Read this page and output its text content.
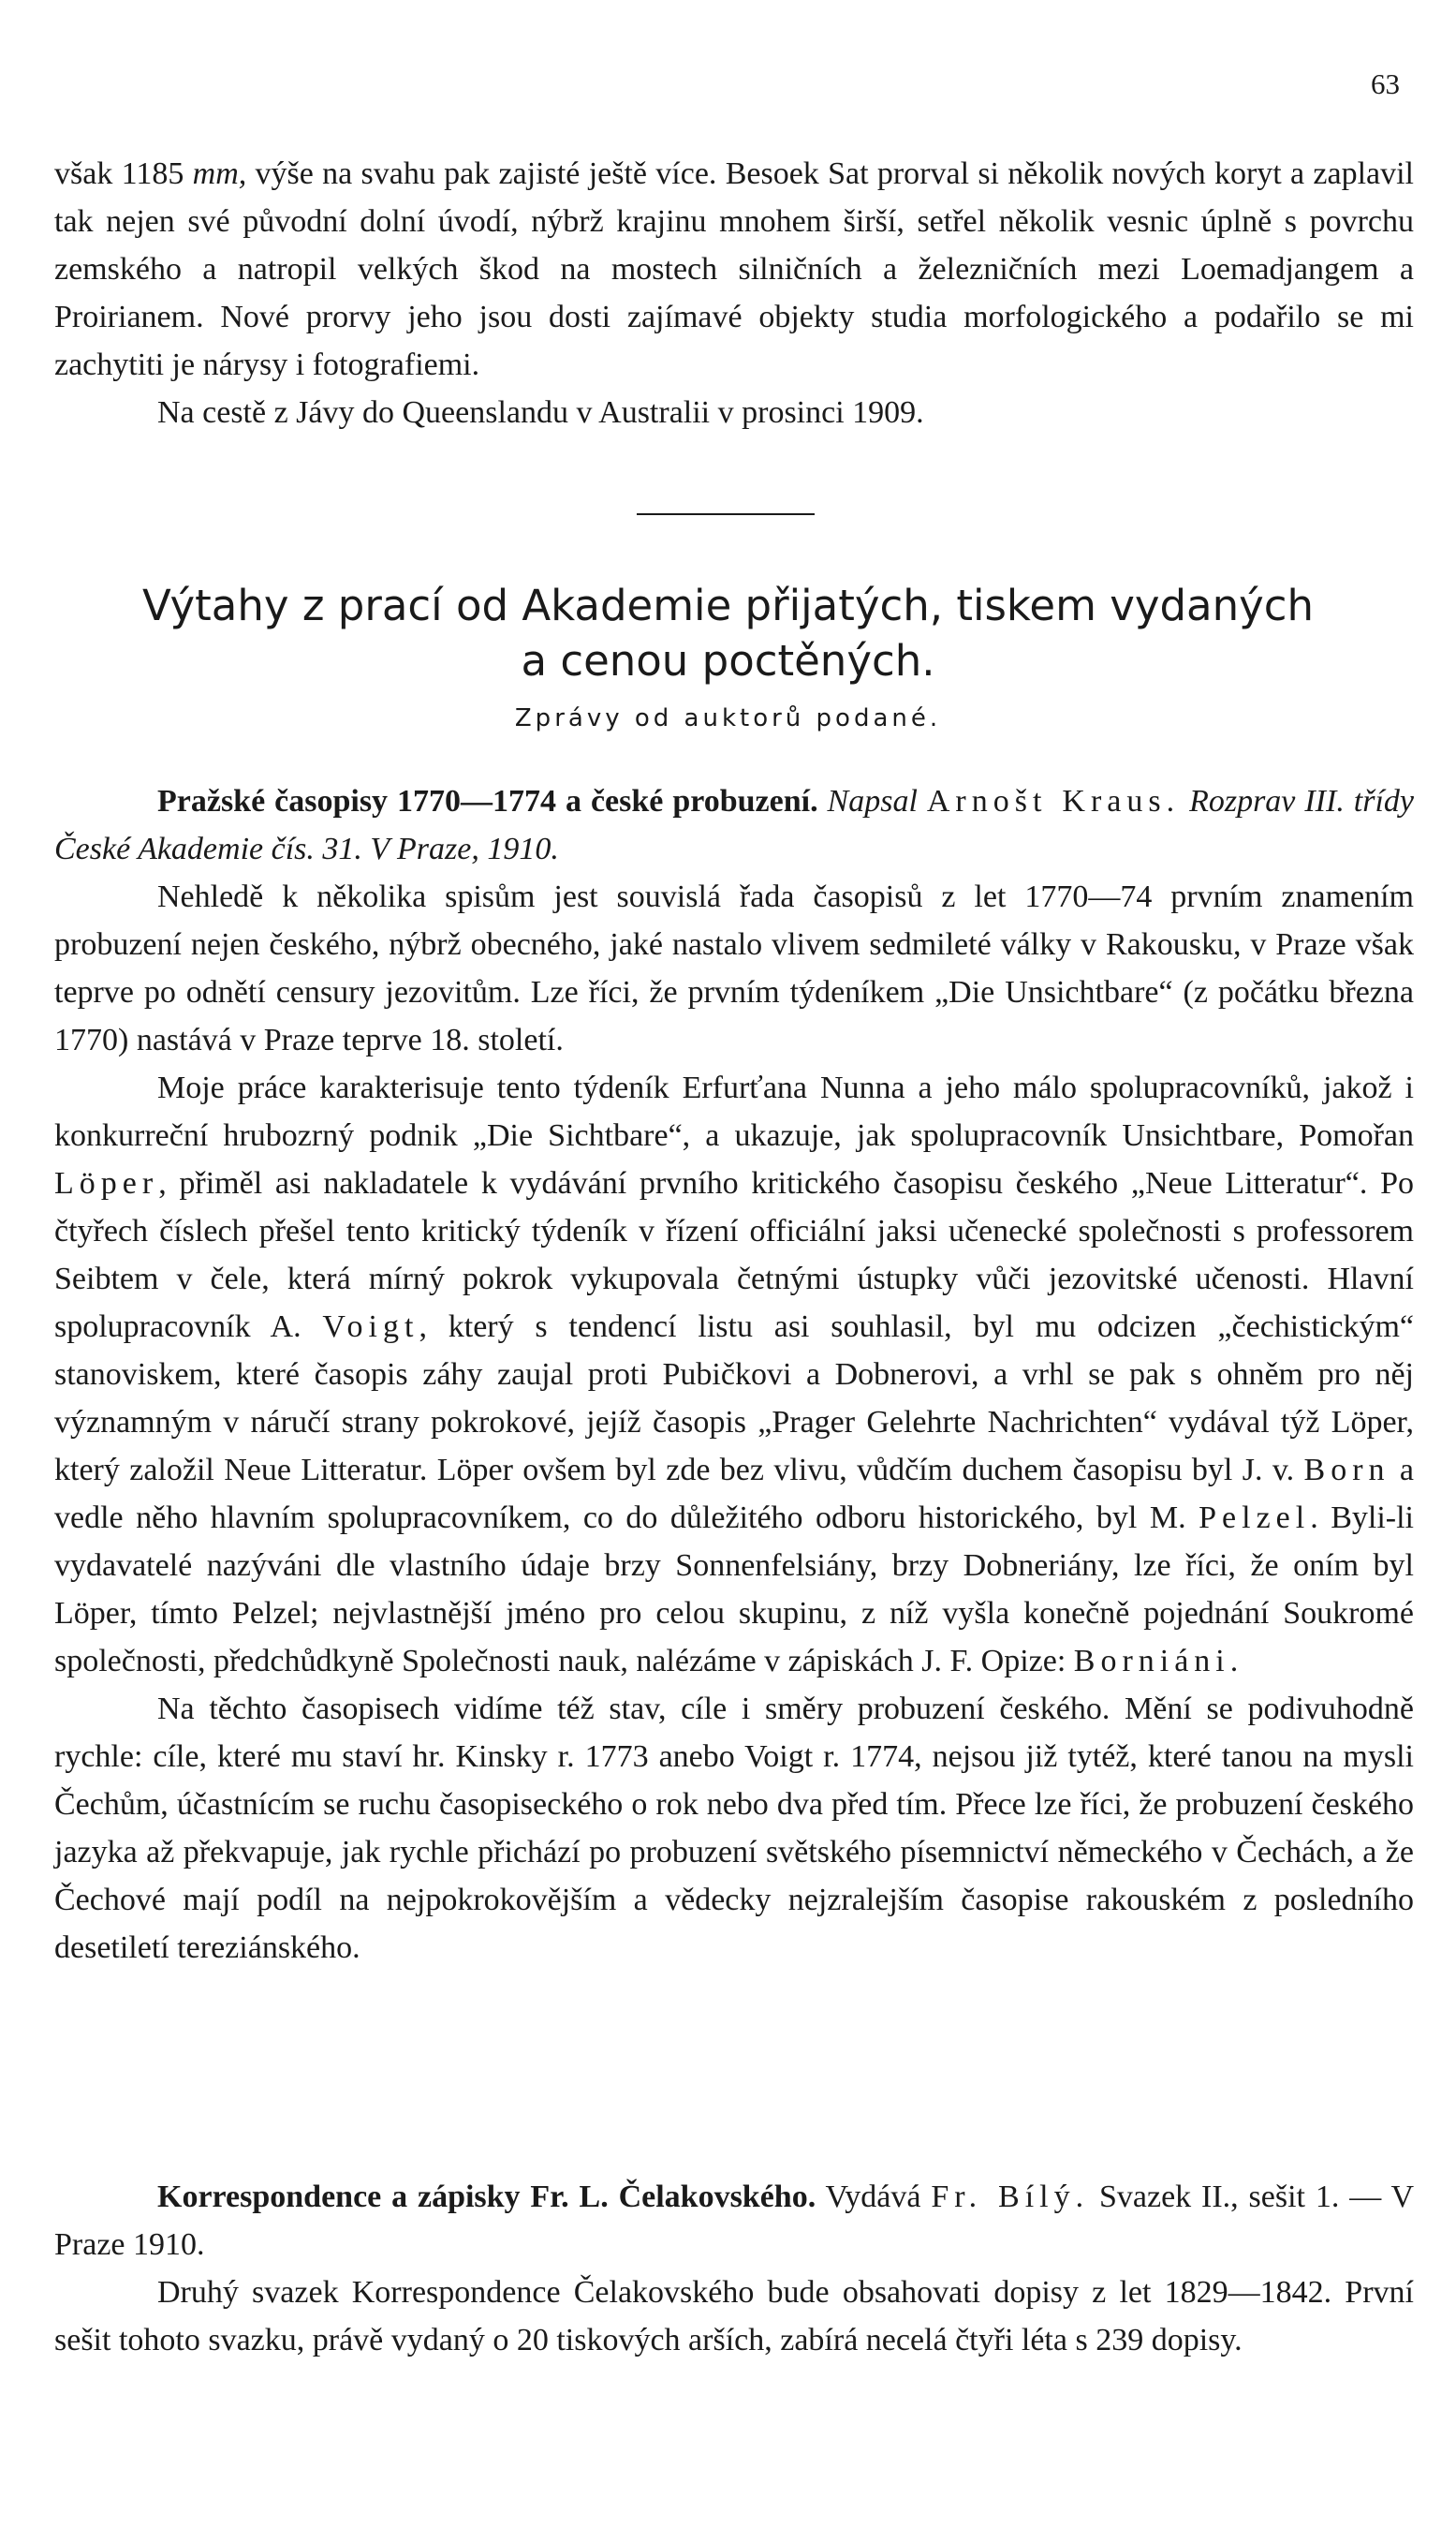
63

však 1185 mm, výše na svahu pak zajisté ještě více. Besoek Sat prorval si několik nových koryt a zaplavil tak nejen své původní dolní úvodí, nýbrž krajinu mnohem širší, setřel několik vesnic úplně s povrchu zemského a natropil velkých škod na mostech silničních a železničních mezi Loemadjangem a Proirianem. Nové prorvy jeho jsou dosti zajímavé objekty studia morfologického a podařilo se mi zachytiti je nárysy i fotografiemi.

Na cestě z Jávy do Queenslandu v Australii v prosinci 1909.

Výtahy z prací od Akademie přijatých, tiskem vydaných
a cenou poctěných.
Zprávy od auktorů podané.

Pražské časopisy 1770—1774 a české probuzení. Napsal Arnošt Kraus. Rozprav III. třídy České Akademie čís. 31. V Praze, 1910.

Nehledě k několika spisům jest souvislá řada časopisů z let 1770—74 prvním znamením probuzení nejen českého, nýbrž obecného, jaké nastalo vlivem sedmileté války v Rakousku, v Praze však teprve po odnětí censury jezovitům. Lze říci, že prvním týdeníkem „Die Unsichtbare“ (z počátku března 1770) nastává v Praze teprve 18. století.

Moje práce karakterisuje tento týdeník Erfurťana Nunna a jeho málo spolupracovníků, jakož i konkurreční hrubozrný podnik „Die Sichtbare“, a ukazuje, jak spolupracovník Unsichtbare, Pomořan Löper, přiměl asi nakladatele k vydávání prvního kritického časopisu českého „Neue Litteratur“. Po čtyřech číslech přešel tento kritický týdeník v řízení officiální jaksi učenecké společnosti s professorem Seibtem v čele, která mírný pokrok vykupovala četnými ústupky vůči jezovitské učenosti. Hlavní spolupracovník A. Voigt, který s tendencí listu asi souhlasil, byl mu odcizen „čechistickým“ stanoviskem, které časopis záhy zaujal proti Pubičkovi a Dobnerovi, a vrhl se pak s ohněm pro něj významným v náručí strany pokrokové, jejíž časopis „Prager Gelehrte Nachrichten“ vydával týž Löper, který založil Neue Litteratur. Löper ovšem byl zde bez vlivu, vůdčím duchem časopisu byl J. v. Born a vedle něho hlavním spolupracovníkem, co do důležitého odboru historického, byl M. Pelzel. Byli-li vydavatelé nazýváni dle vlastního údaje brzy Sonnenfelsiány, brzy Dobneriány, lze říci, že oním byl Löper, tímto Pelzel; nejvlastnější jméno pro celou skupinu, z níž vyšla konečně pojednání Soukromé společnosti, předchůdkyně Společnosti nauk, nalézáme v zápiskách J. F. Opize: Borniáni.

Na těchto časopisech vidíme též stav, cíle i směry probuzení českého. Mění se podivuhodně rychle: cíle, které mu staví hr. Kinsky r. 1773 anebo Voigt r. 1774, nejsou již tytéž, které tanou na mysli Čechům, účastnícím se ruchu časopiseckého o rok nebo dva před tím. Přece lze říci, že probuzení českého jazyka až překvapuje, jak rychle přichází po probuzení světského písemnictví německého v Čechách, a že Čechové mají podíl na nejpokrokovějším a vědecky nejzralejším časopise rakouském z posledního desetiletí tereziánského.

Korrespondence a zápisky Fr. L. Čelakovského. Vydává Fr. Bílý. Svazek II., sešit 1. — V Praze 1910.

Druhý svazek Korrespondence Čelakovského bude obsahovati dopisy z let 1829—1842. První sešit tohoto svazku, právě vydaný o 20 tiskových arších, zabírá necelá čtyři léta s 239 dopisy.
